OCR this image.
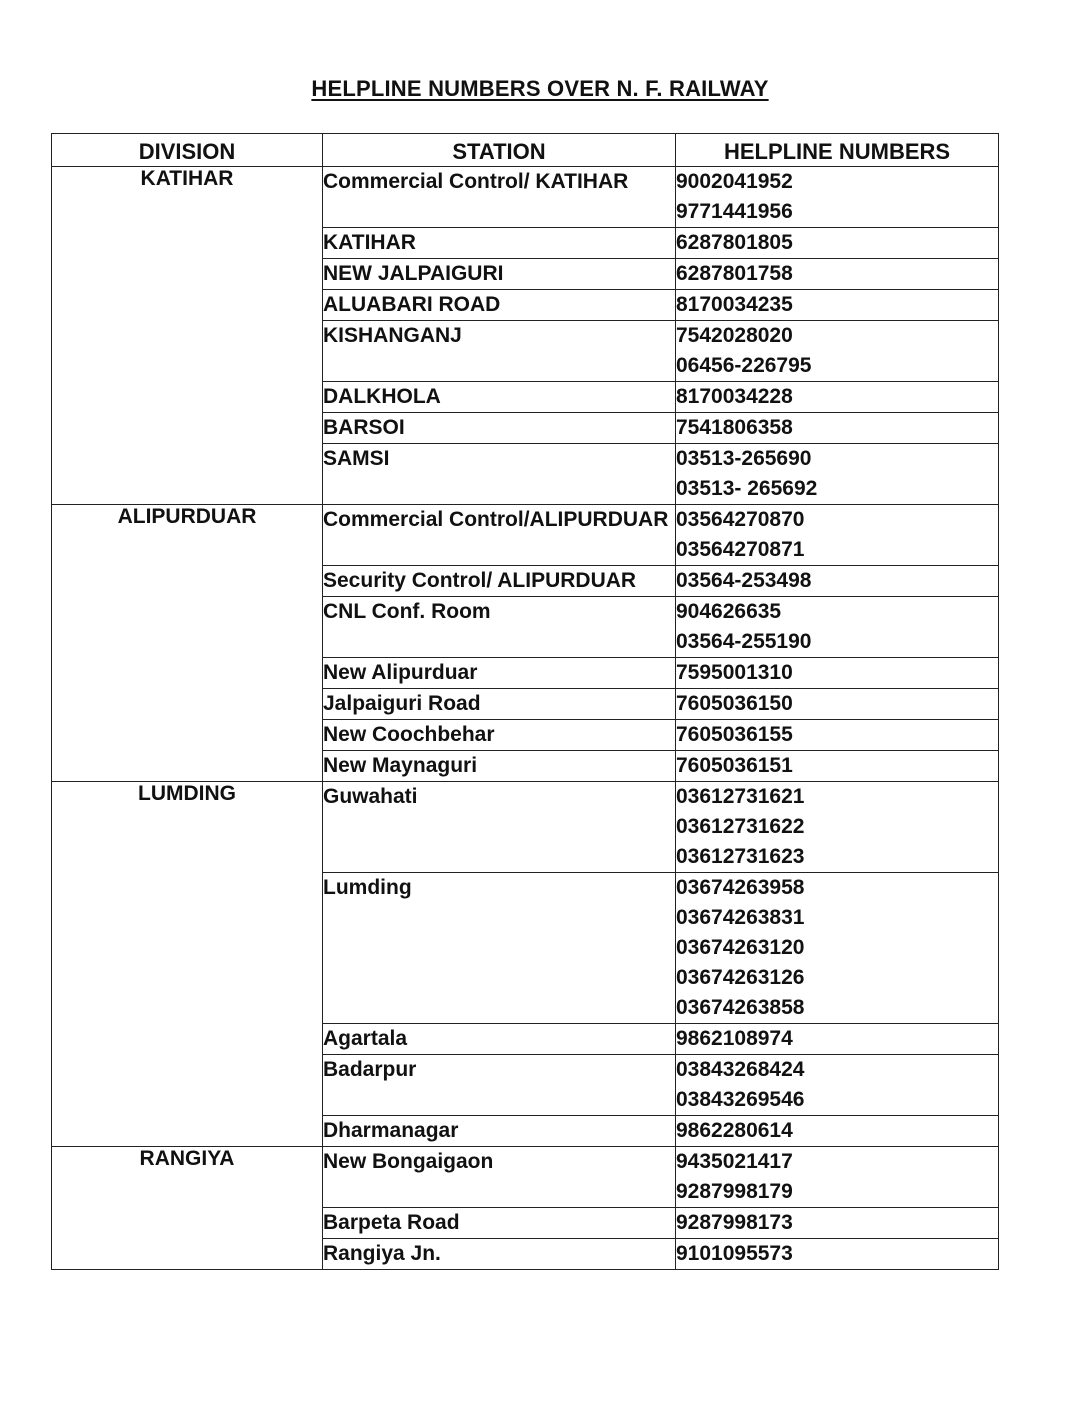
HELPLINE NUMBERS OVER N. F. RAILWAY
DIVISION	STATION	HELPLINE NUMBERS
KATIHAR	Commercial Control/ KATIHAR	9002041952
9771441956

	KATIHAR	6287801805

	NEW JALPAIGURI	6287801758

	ALUABARI ROAD	8170034235

	KISHANGANJ	7542028020
06456-226795

	DALKHOLA	8170034228

	BARSOI	7541806358

	SAMSI	03513-265690
03513- 265692

ALIPURDUAR	Commercial Control/ALIPURDUAR	03564270870
03564270871

	Security Control/ ALIPURDUAR	03564-253498

	CNL Conf. Room	904626635
03564-255190

	New Alipurduar	7595001310

	Jalpaiguri Road	7605036150

	New Coochbehar	7605036155

	New Maynaguri	7605036151

LUMDING	Guwahati	03612731621
03612731622
03612731623

	Lumding	03674263958
03674263831
03674263120
03674263126
03674263858

	Agartala	9862108974

	Badarpur	03843268424
03843269546

	Dharmanagar	9862280614

RANGIYA	New Bongaigaon	9435021417
9287998179

	Barpeta Road	9287998173

	Rangiya Jn.	9101095573
